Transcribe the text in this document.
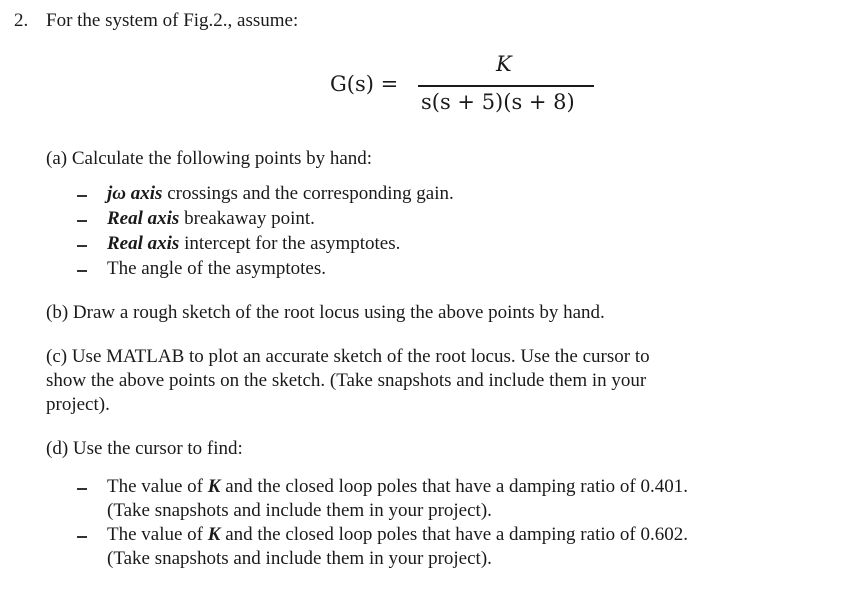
2. For the system of Fig.2., assume:
G(s) =
K
s(s + 5)(s + 8)
(a) Calculate the following points by hand:
jω axis crossings and the corresponding gain.
Real axis breakaway point.
Real axis intercept for the asymptotes.
The angle of the asymptotes.
(b) Draw a rough sketch of the root locus using the above points by hand.
(c) Use MATLAB to plot an accurate sketch of the root locus. Use the cursor to
show the above points on the sketch. (Take snapshots and include them in your
project).
(d) Use the cursor to find:
The value of K and the closed loop poles that have a damping ratio of 0.401.
(Take snapshots and include them in your project).
The value of K and the closed loop poles that have a damping ratio of 0.602.
(Take snapshots and include them in your project).
